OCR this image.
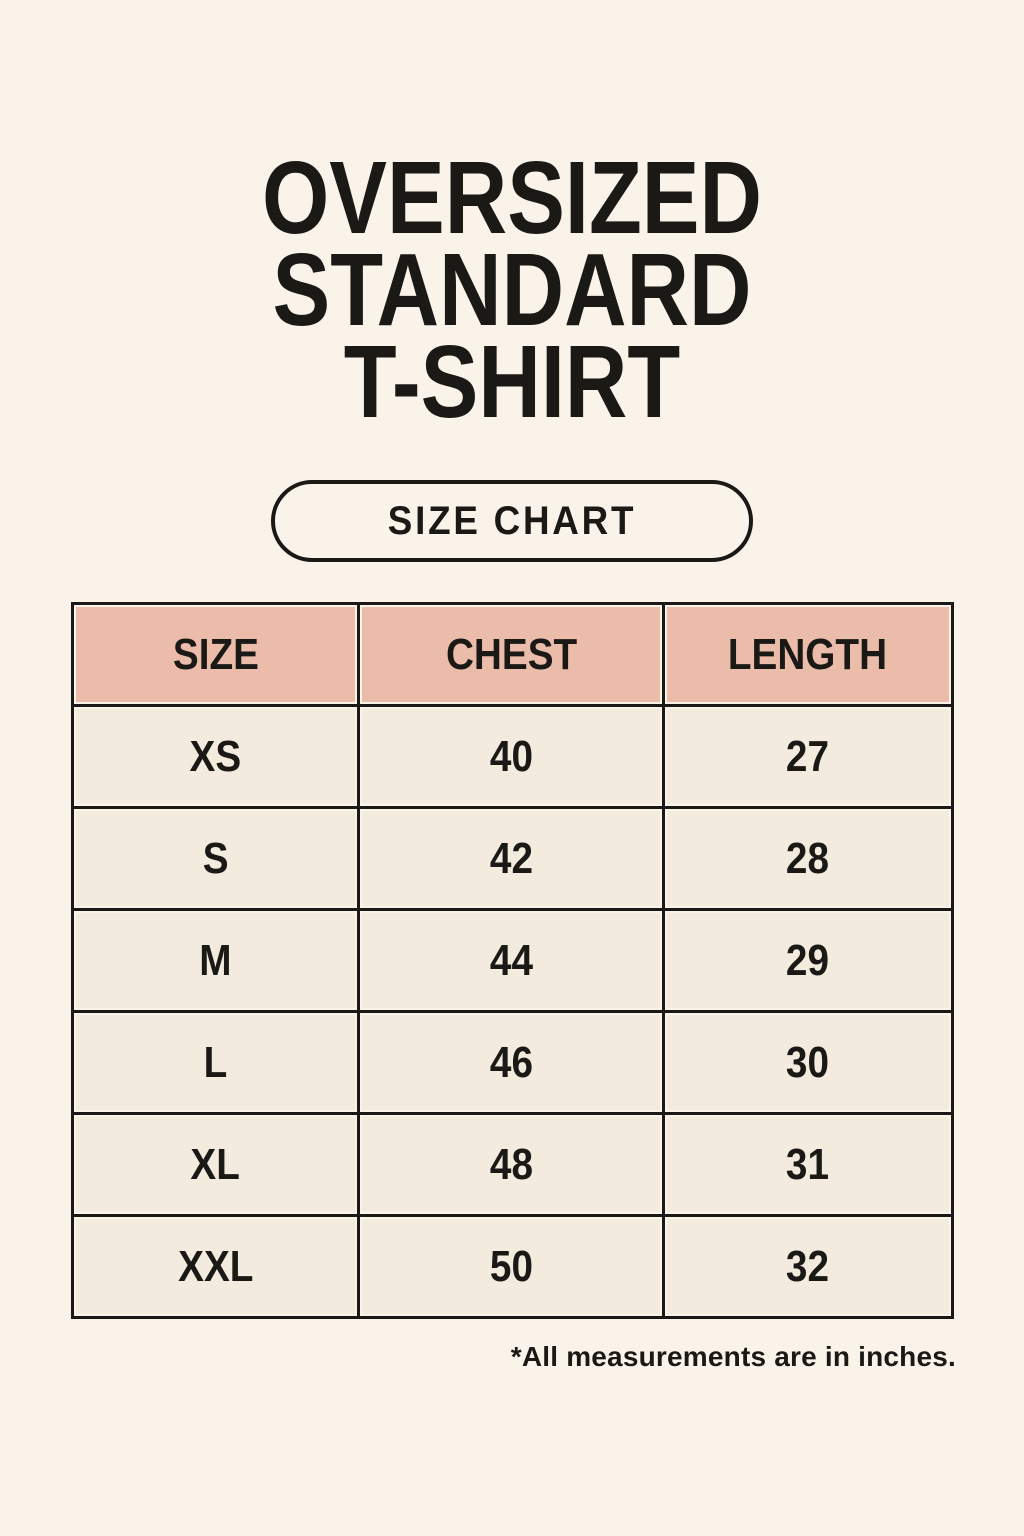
OVERSIZED
STANDARD
T-SHIRT
SIZE CHART
SIZE	CHEST	LENGTH
XS	40	27
S	42	28
M	44	29
L	46	30
XL	48	31
XXL	50	32
*All measurements are in inches.
